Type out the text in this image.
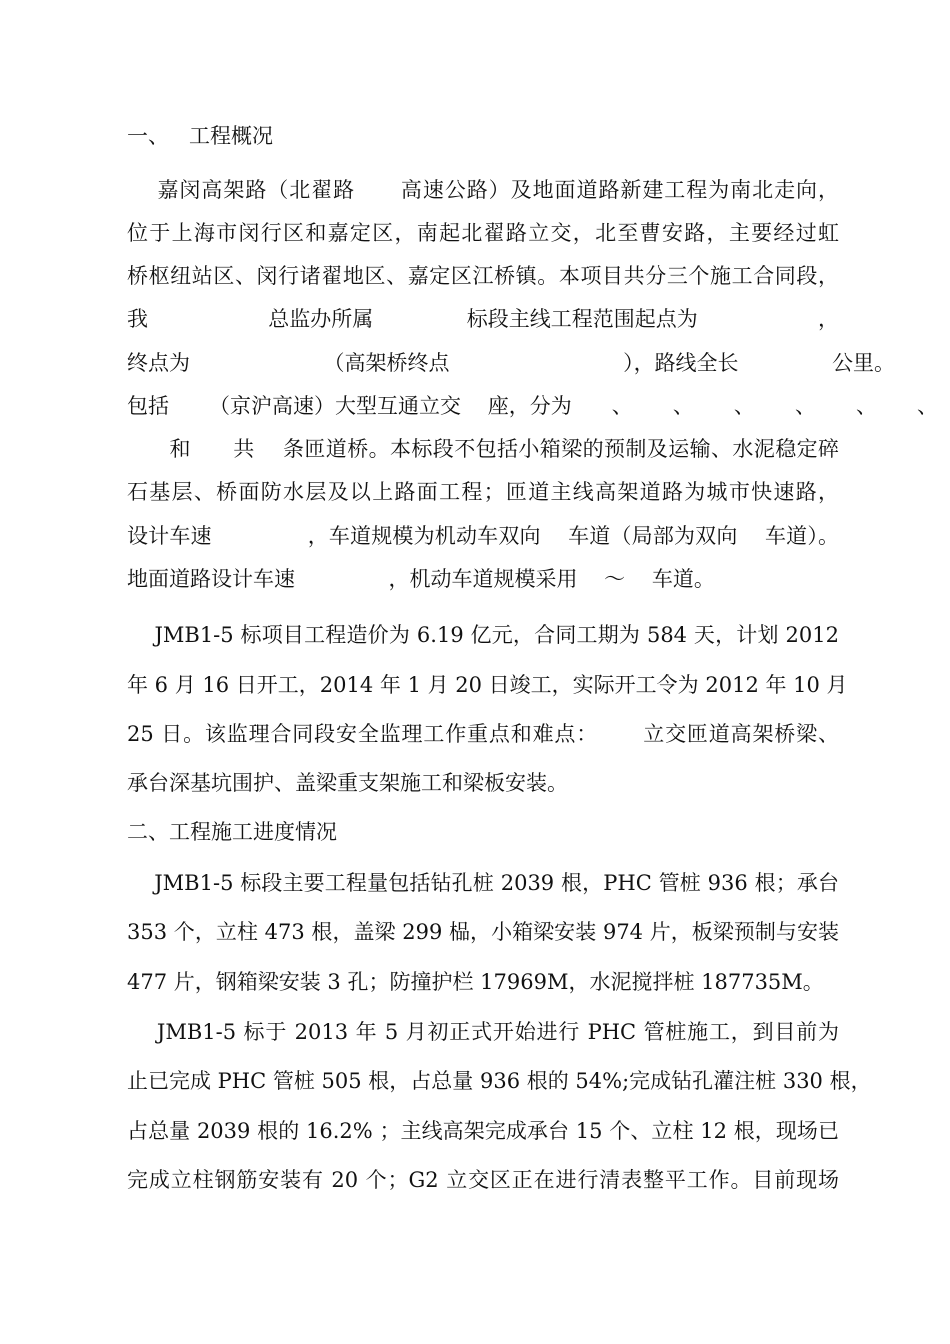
一、   工程概况
嘉闵高架路（北翟路      高速公路）及地面道路新建工程为南北走向，
位于上海市闵行区和嘉定区，南起北翟路立交，北至曹安路，主要经过虹
桥枢纽站区、闵行诸翟地区、嘉定区江桥镇。本项目共分三个施工合同段，
我                  总监办所属              标段主线工程范围起点为                  ，
终点为                    （高架桥终点                          ），路线全长              公里。
包括      （京沪高速）大型互通立交    座，分为      、      、      、      、      、      、
和      共    条匝道桥。本标段不包括小箱梁的预制及运输、水泥稳定碎
石基层、桥面防水层及以上路面工程；匝道主线高架道路为城市快速路，
设计车速              ，车道规模为机动车双向    车道（局部为双向    车道）。
地面道路设计车速              ，机动车道规模采用    ～    车道。
JMB1-5 标项目工程造价为 6.19 亿元，合同工期为 584 天，计划 2012
年 6 月 16 日开工，2014 年 1 月 20 日竣工，实际开工令为 2012 年 10 月
25 日。该监理合同段安全监理工作重点和难点：      立交匝道高架桥梁、
承台深基坑围护、盖梁重支架施工和梁板安装。
二、工程施工进度情况
JMB1-5 标段主要工程量包括钻孔桩 2039 根，PHC 管桩 936 根；承台
353 个，立柱 473 根，盖梁 299 榀，小箱梁安装 974 片，板梁预制与安装
477 片，钢箱梁安装 3 孔；防撞护栏 17969M，水泥搅拌桩 187735M。
JMB1-5 标于 2013 年 5 月初正式开始进行 PHC 管桩施工，到目前为
止已完成 PHC 管桩 505 根，占总量 936 根的 54%;完成钻孔灌注桩 330 根，
占总量 2039 根的 16.2% ；主线高架完成承台 15 个、立柱 12 根，现场已
完成立柱钢筋安装有 20 个；G2 立交区正在进行清表整平工作。目前现场
